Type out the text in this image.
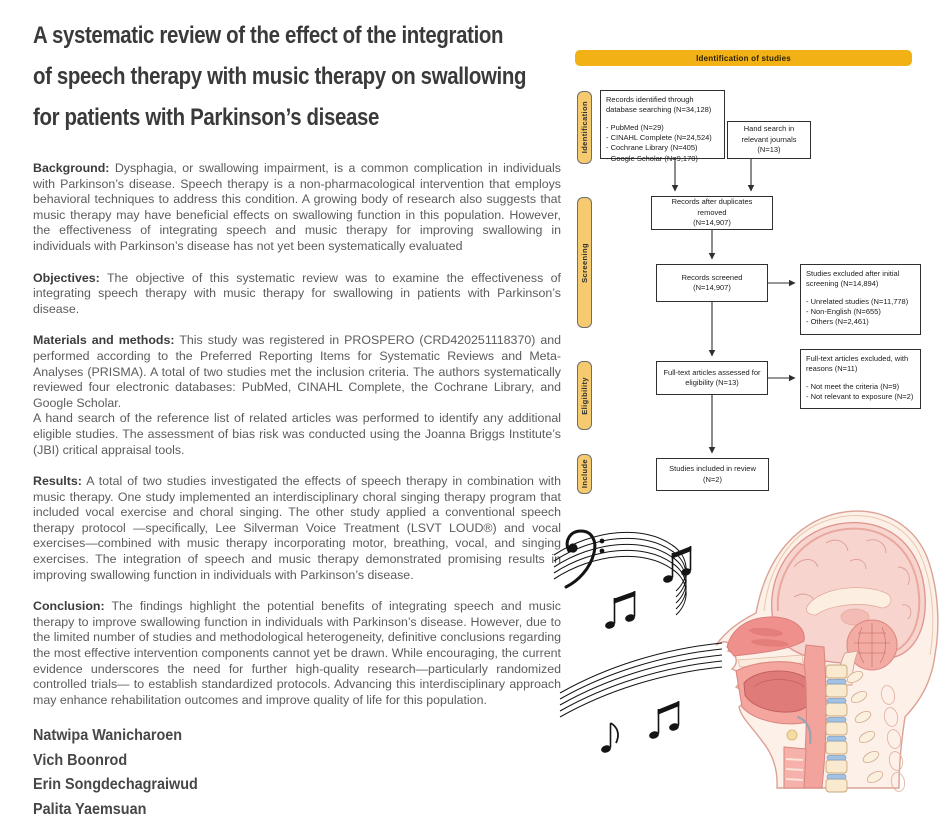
A systematic review of the effect of the integration
of speech therapy with music therapy on swallowing
for patients with Parkinson’s disease

Background: Dysphagia, or swallowing impairment, is a common complication in individuals with Parkinson’s disease. Speech therapy is a non-pharmacological intervention that employs behavioral techniques to address this condition. A growing body of research also suggests that music therapy may have beneficial effects on swallowing function in this population. However, the effectiveness of integrating speech and music therapy for improving swallowing in individuals with Parkinson’s disease has not yet been systematically evaluated

Objectives: The objective of this systematic review was to examine the effectiveness of integrating speech therapy with music therapy for swallowing in patients with Parkinson’s disease.

Materials and methods: This study was registered in PROSPERO (CRD420251118370) and performed according to the Preferred Reporting Items for Systematic Reviews and Meta-Analyses (PRISMA). A total of two studies met the inclusion criteria. The authors systematically reviewed four electronic databases: PubMed, CINAHL Complete, the Cochrane Library, and Google Scholar.
A hand search of the reference list of related articles was performed to identify any additional eligible studies. The assessment of bias risk was conducted using the Joanna Briggs Institute’s (JBI) critical appraisal tools.

Results: A total of two studies investigated the effects of speech therapy in combination with music therapy. One study implemented an interdisciplinary choral singing therapy program that included vocal exercise and choral singing. The other study applied a conventional speech therapy protocol —specifically, Lee Silverman Voice Treatment (LSVT LOUD®) and vocal exercises—combined with music therapy incorporating motor, breathing, vocal, and singing exercises. The integration of speech and music therapy demonstrated promising results in improving swallowing function in individuals with Parkinson’s disease.

Conclusion: The findings highlight the potential benefits of integrating speech and music therapy to improve swallowing function in individuals with Parkinson’s disease. However, due to the limited number of studies and methodological heterogeneity, definitive conclusions regarding the most effective intervention components cannot yet be drawn. While encouraging, the current evidence underscores the need for further high-quality research—particularly randomized controlled trials— to establish standardized protocols. Advancing this interdisciplinary approach may enhance rehabilitation outcomes and improve quality of life for this population.

Natwipa Wanicharoen
Vich Boonrod
Erin Songdechagraiwud
Palita Yaemsuan
Identification of studies
Identification
Screening
Eligibility
Include
Records identified through database searching (N=34,128)
- PubMed (N=29)
- CINAHL Complete (N=24,524)
- Cochrane Library (N=405)
- Google Scholar (N=9,170)
Hand search in
relevant journals
(N=13)
Records after duplicates removed
(N=14,907)
Records screened
(N=14,907)
Studies excluded after initial screening (N=14,894)
- Unrelated studies (N=11,778)
- Non-English (N=655)
- Others (N=2,461)
Full-text articles assessed for
eligibility (N=13)
Full-text articles excluded, with reasons (N=11)
- Not meet the criteria (N=9)
- Not relevant to exposure (N=2)
Studies included in review
(N=2)
